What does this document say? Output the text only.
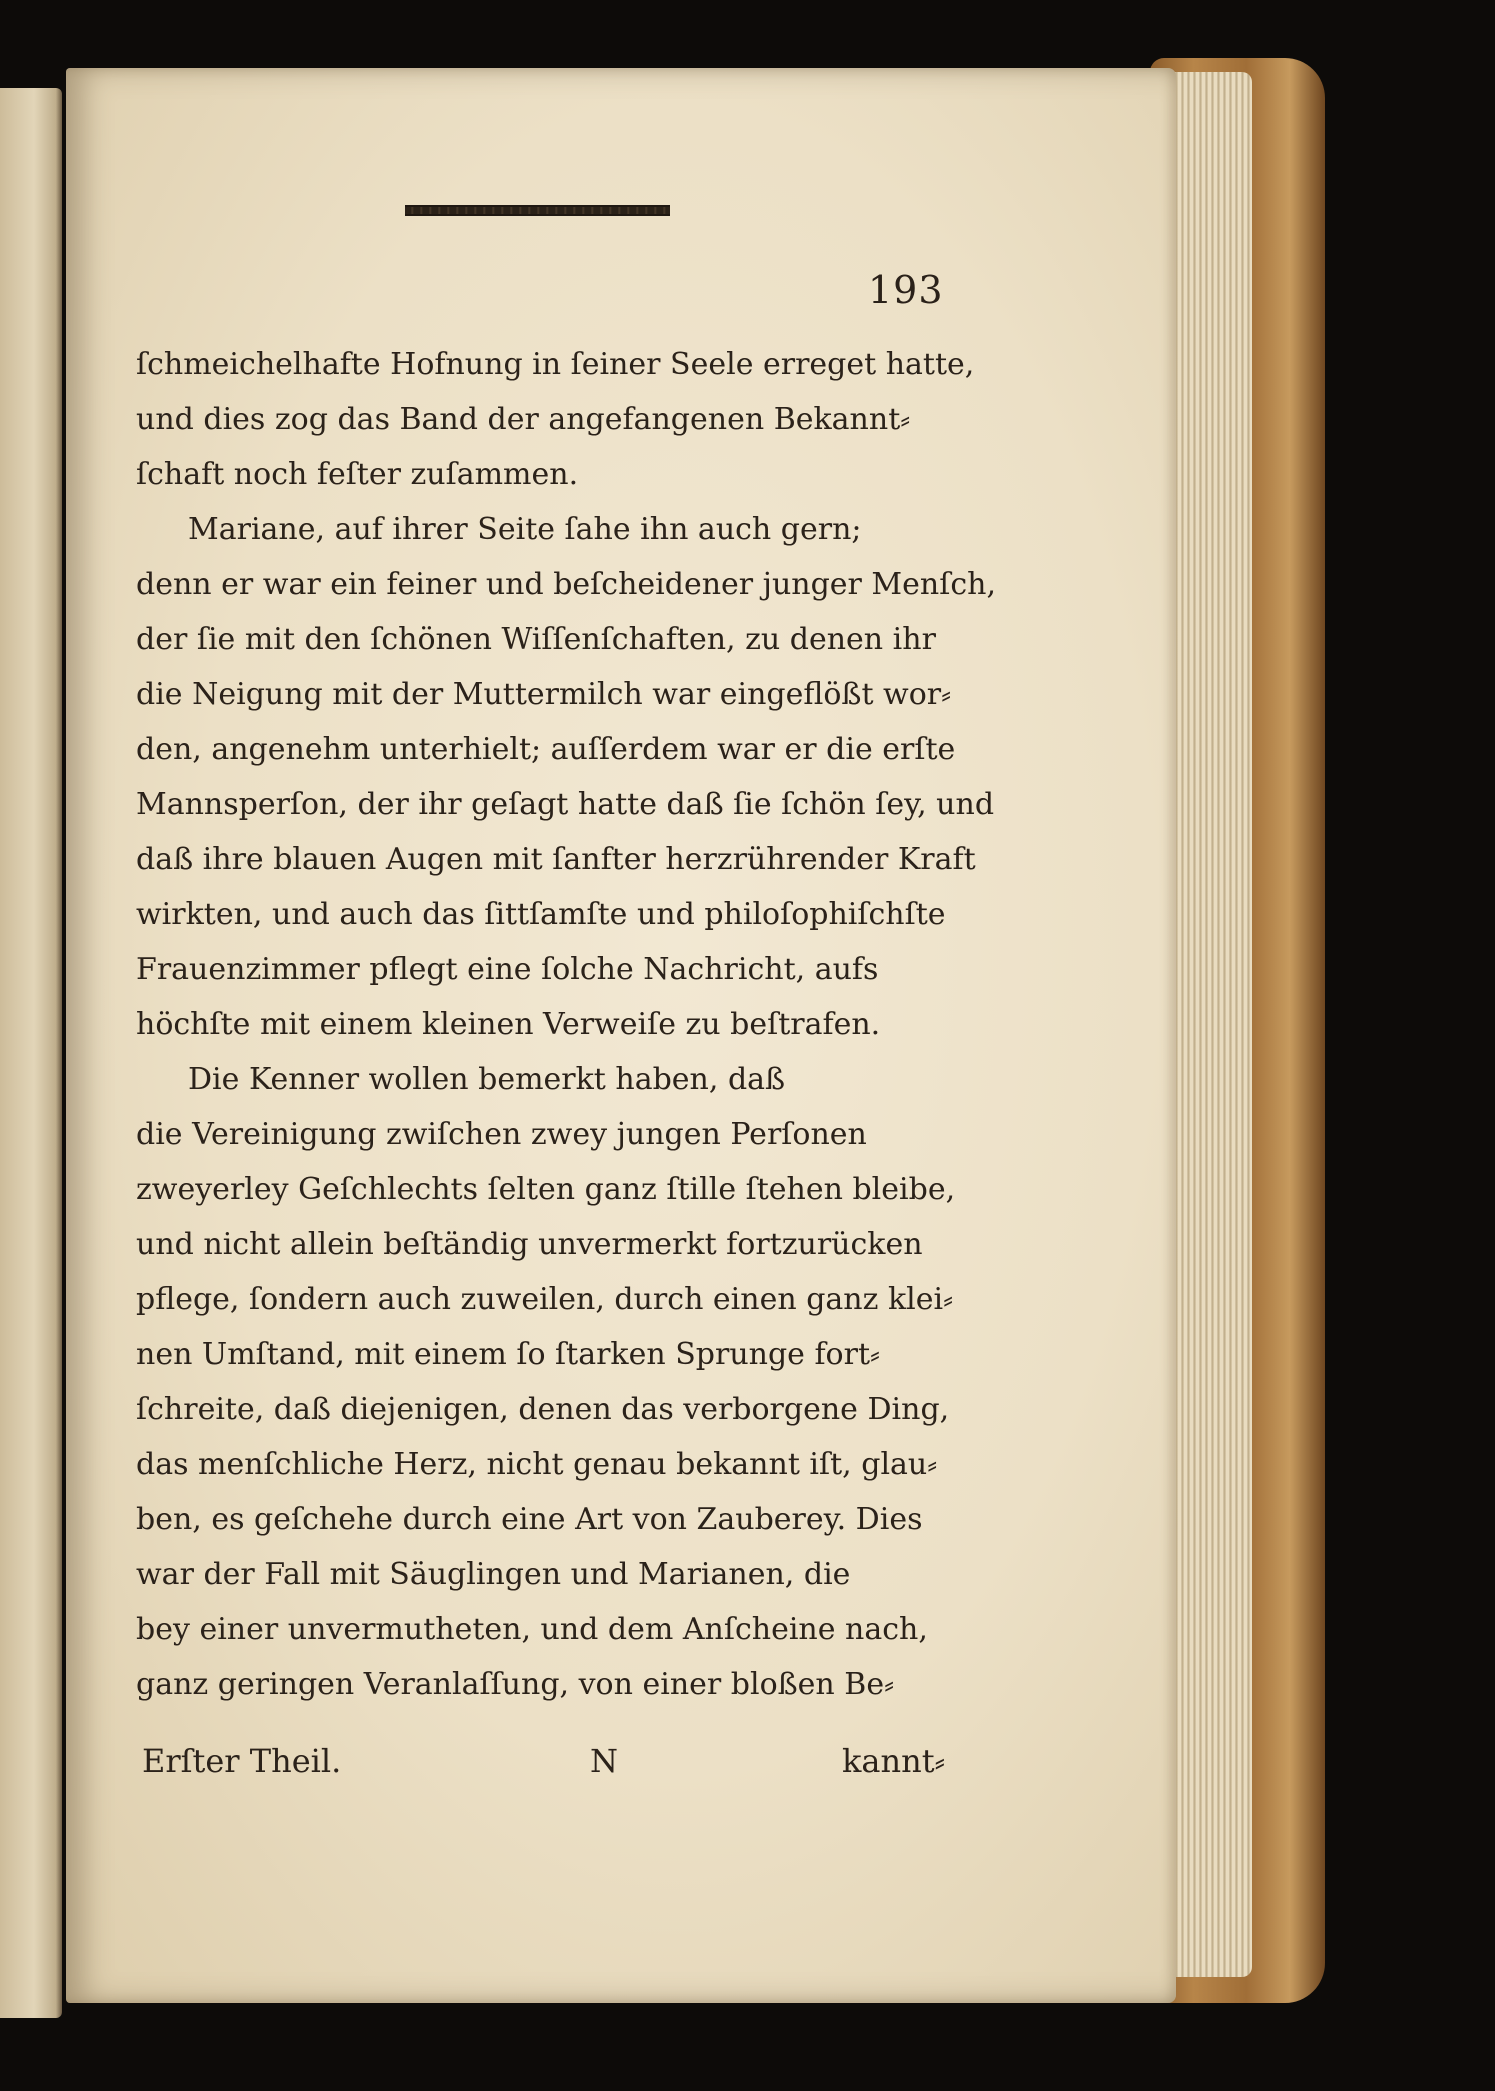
193
ſchmeichelhafte Hofnung in ſeiner Seele erreget hatte,
und dies zog das Band der angefangenen Bekannt⸗
ſchaft noch feſter zuſammen.
Mariane, auf ihrer Seite ſahe ihn auch gern;
denn er war ein feiner und beſcheidener junger Menſch,
der ſie mit den ſchönen Wiſſenſchaften, zu denen ihr
die Neigung mit der Muttermilch war eingeflößt wor⸗
den, angenehm unterhielt; auſſerdem war er die erſte
Mannsperſon, der ihr geſagt hatte daß ſie ſchön ſey, und
daß ihre blauen Augen mit ſanfter herzrührender Kraft
wirkten, und auch das ſittſamſte und philoſophiſchſte
Frauenzimmer pflegt eine ſolche Nachricht, aufs
höchſte mit einem kleinen Verweiſe zu beſtrafen.
Die Kenner wollen bemerkt haben, daß
die Vereinigung zwiſchen zwey jungen Perſonen
zweyerley Geſchlechts ſelten ganz ſtille ſtehen bleibe,
und nicht allein beſtändig unvermerkt fortzurücken
pflege, ſondern auch zuweilen, durch einen ganz klei⸗
nen Umſtand, mit einem ſo ſtarken Sprunge fort⸗
ſchreite, daß diejenigen, denen das verborgene Ding,
das menſchliche Herz, nicht genau bekannt iſt, glau⸗
ben, es geſchehe durch eine Art von Zauberey. Dies
war der Fall mit Säuglingen und Marianen, die
bey einer unvermutheten, und dem Anſcheine nach,
ganz geringen Veranlaſſung, von einer bloßen Be⸗
Erſter Theil.	N	kannt⸗
